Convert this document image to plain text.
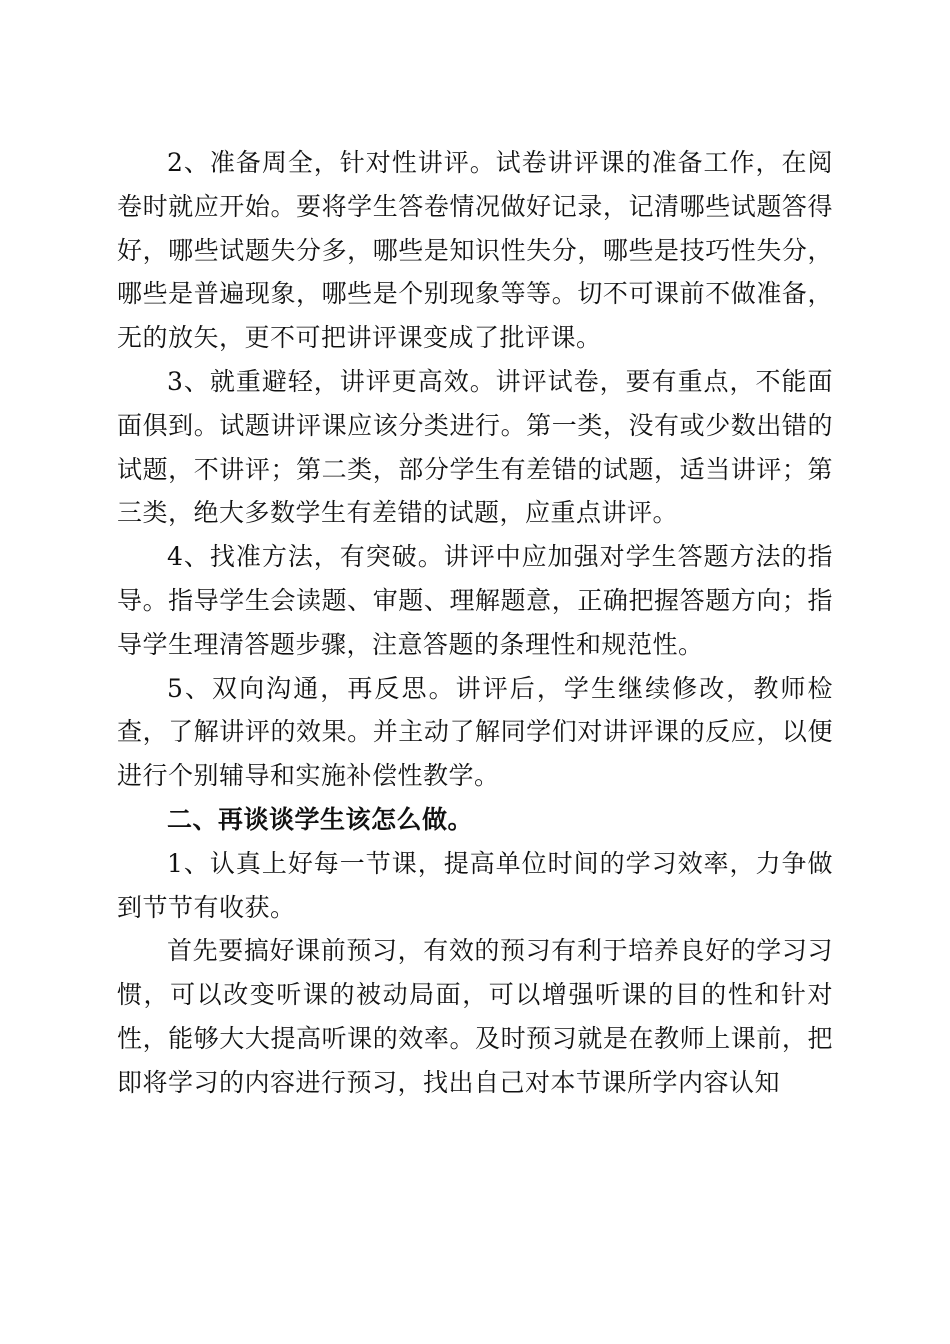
2、准备周全，针对性讲评。试卷讲评课的准备工作，在阅卷时就应开始。要将学生答卷情况做好记录，记清哪些试题答得好，哪些试题失分多，哪些是知识性失分，哪些是技巧性失分，哪些是普遍现象，哪些是个别现象等等。切不可课前不做准备，无的放矢，更不可把讲评课变成了批评课。

3、就重避轻，讲评更高效。讲评试卷，要有重点，不能面面俱到。试题讲评课应该分类进行。第一类，没有或少数出错的试题，不讲评；第二类，部分学生有差错的试题，适当讲评；第三类，绝大多数学生有差错的试题，应重点讲评。

4、找准方法，有突破。讲评中应加强对学生答题方法的指导。指导学生会读题、审题、理解题意，正确把握答题方向；指导学生理清答题步骤，注意答题的条理性和规范性。

5、双向沟通，再反思。讲评后，学生继续修改，教师检查，了解讲评的效果。并主动了解同学们对讲评课的反应，以便进行个别辅导和实施补偿性教学。

二、再谈谈学生该怎么做。

1、认真上好每一节课，提高单位时间的学习效率，力争做到节节有收获。

首先要搞好课前预习，有效的预习有利于培养良好的学习习惯，可以改变听课的被动局面，可以增强听课的目的性和针对性，能够大大提高听课的效率。及时预习就是在教师上课前，把即将学习的内容进行预习，找出自己对本节课所学内容认知
